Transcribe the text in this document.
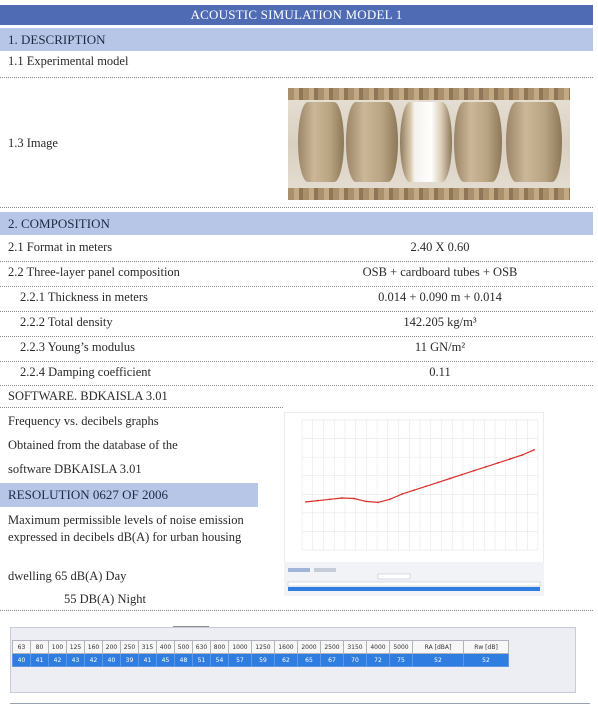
ACOUSTIC SIMULATION MODEL 1
1. DESCRIPTION
1.1 Experimental model
1.3 Image
2. COMPOSITION
2.1 Format in meters	2.40 X 0.60
2.2 Three-layer panel composition	OSB + cardboard tubes + OSB
2.2.1 Thickness in meters	0.014 + 0.090 m + 0.014
2.2.2 Total density	142.205 kg/m³
2.2.3 Young’s modulus	11 GN/m²
2.2.4 Damping coefficient	0.11
SOFTWARE. BDKAISLA 3.01
Frequency vs. decibels graphs
Obtained from the database of the
software DBKAISLA 3.01
RESOLUTION 0627 OF 2006
Maximum permissible levels of noise emission expressed in decibels dB(A) for urban housing
dwelling 65 dB(A) Day
55 DB(A) Night
63	80	100	125	160	200	250	315	400	500	630	800	1000	1250	1600	2000	2500	3150	4000	5000	RA [dBA]	Rw [dB]
40	41	42	43	42	40	39	41	45	48	51	54	57	59	62	65	67	70	72	75	52	52
